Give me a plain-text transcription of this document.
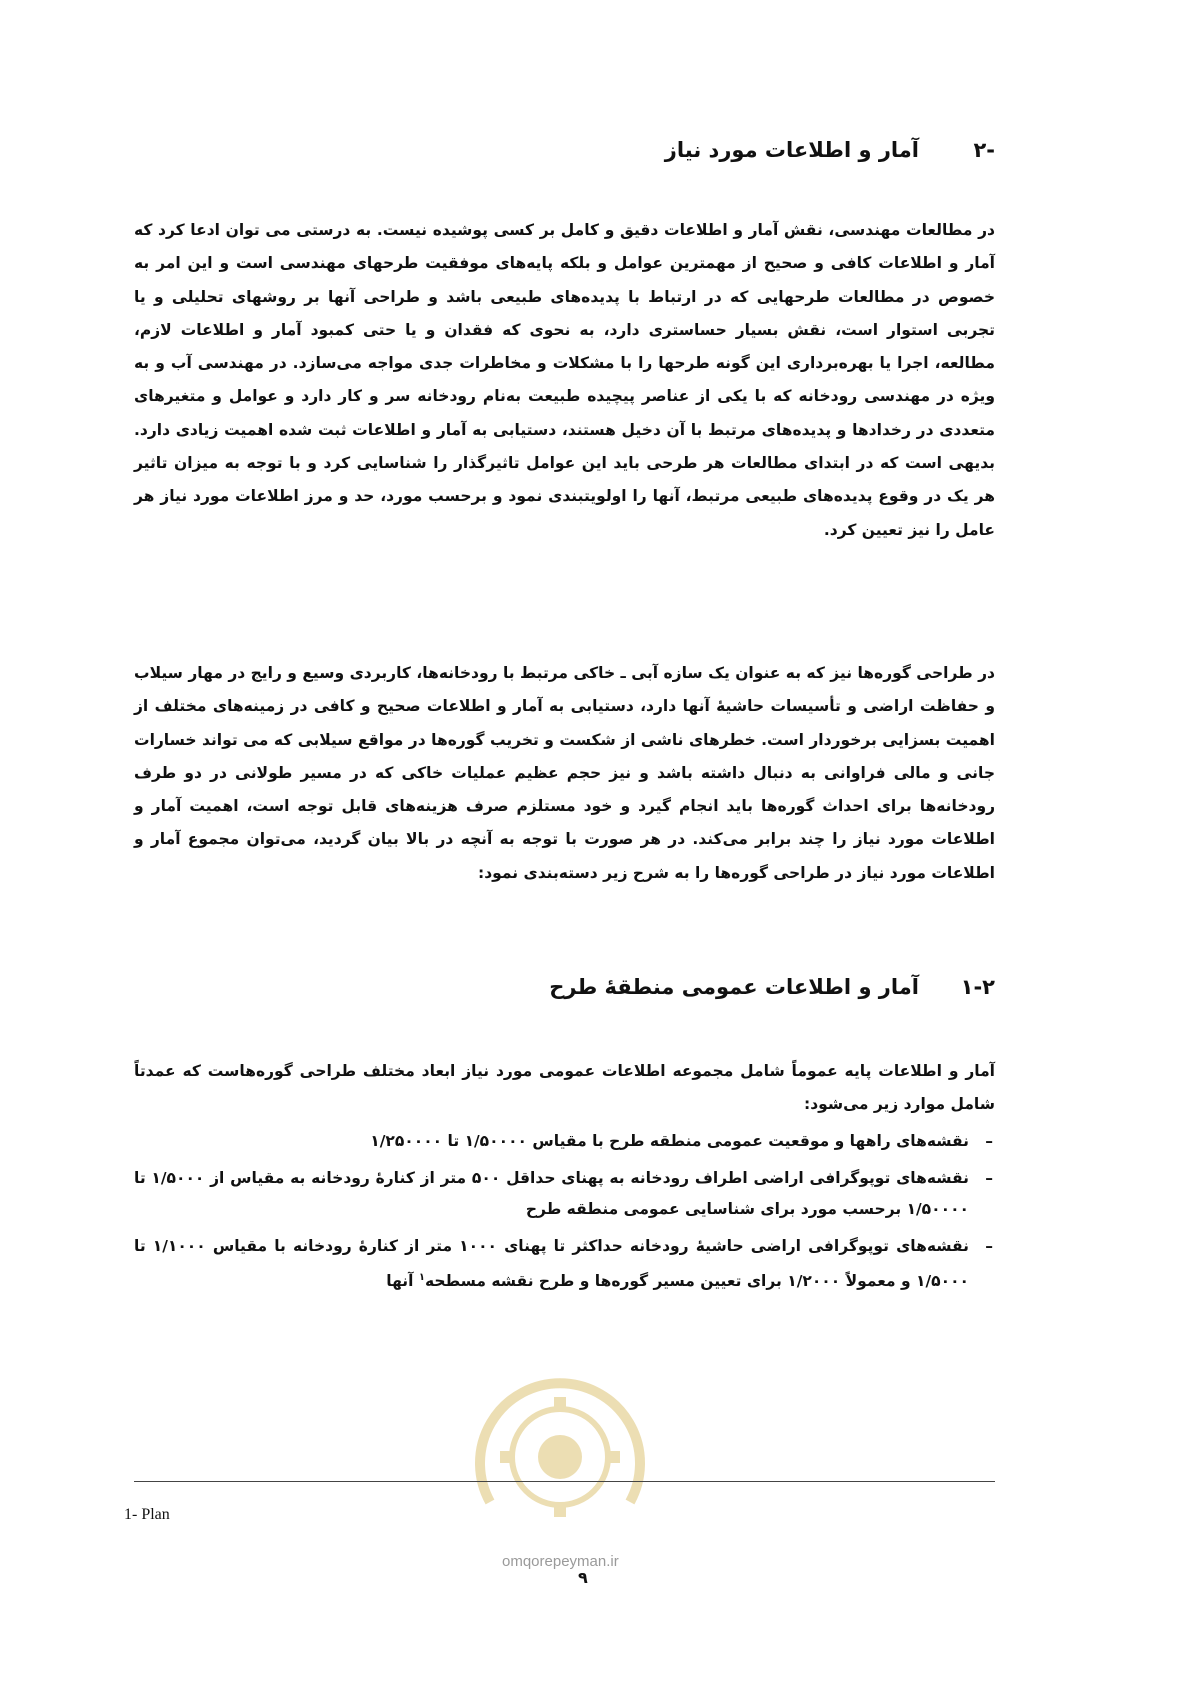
-۲
آمار و اطلاعات مورد نیاز

در مطالعات مهندسی، نقش آمار و اطلاعات دقیق و کامل بر کسی پوشیده نیست. به درستی می توان ادعا کرد که آمار و اطلاعات کافی و صحیح از مهمترین عوامل و بلکه پایه‌های موفقیت طرحهای مهندسی است و این امر به خصوص در مطالعات طرحهایی که در ارتباط با پدیده‌های طبیعی باشد و طراحی آنها بر روشهای تحلیلی و یا تجربی استوار است، نقش بسیار حساستری دارد، به نحوی که فقدان و یا حتی کمبود آمار و اطلاعات لازم، مطالعه، اجرا یا بهره‌برداری این گونه طرحها را با مشکلات و مخاطرات جدی مواجه می‌سازد. در مهندسی آب و به ویژه در مهندسی رودخانه که با یکی از عناصر پیچیده طبیعت به‌نام رودخانه سر و کار دارد و عوامل و متغیرهای متعددی در رخدادها و پدیده‌های مرتبط با آن دخیل هستند، دستیابی به آمار و اطلاعات ثبت شده اهمیت زیادی دارد. بدیهی است که در ابتدای مطالعات هر طرحی باید این عوامل تاثیرگذار را شناسایی کرد و با توجه به میزان تاثیر هر یک در وقوع پدیده‌های طبیعی مرتبط، آنها را اولویتبندی نمود و برحسب مورد، حد و مرز اطلاعات مورد نیاز هر عامل را نیز تعیین کرد.

در طراحی گوره‌ها نیز که به عنوان یک سازه آبی ـ خاکی مرتبط با رودخانه‌ها، کاربردی وسیع و رایج در مهار سیلاب و حفاظت اراضی و تأسیسات حاشیهٔ آنها دارد، دستیابی به آمار و اطلاعات صحیح و کافی در زمینه‌های مختلف از اهمیت بسزایی برخوردار است. خطرهای ناشی از شکست و تخریب گوره‌ها در مواقع سیلابی که می تواند خسارات جانی و مالی فراوانی به دنبال داشته باشد و نیز حجم عظیم عملیات خاکی که در مسیر طولانی در دو طرف رودخانه‌ها برای احداث گوره‌ها باید انجام گیرد و خود مستلزم صرف هزینه‌های قابل توجه است، اهمیت آمار و اطلاعات مورد نیاز را چند برابر می‌کند. در هر صورت با توجه به آنچه در بالا بیان گردید، می‌توان مجموع آمار و اطلاعات مورد نیاز در طراحی گوره‌ها را به شرح زیر دسته‌بندی نمود:

۱-۲
آمار و اطلاعات عمومی منطقهٔ طرح

آمار و اطلاعات پایه عموماً شامل مجموعه اطلاعات عمومی مورد نیاز ابعاد مختلف طراحی گوره‌هاست که عمدتاً شامل موارد زیر می‌شود:

–
نقشه‌های راهها و موقعیت عمومی منطقه طرح با مقیاس ۱/۵۰۰۰۰ تا ۱/۲۵۰۰۰۰
–
نقشه‌های توپوگرافی اراضی اطراف رودخانه به پهنای حداقل ۵۰۰ متر از کنارهٔ رودخانه به مقیاس از ۱/۵۰۰۰ تا ۱/۵۰۰۰۰ برحسب مورد برای شناسایی عمومی منطقه طرح
–
نقشه‌های توپوگرافی اراضی حاشیهٔ رودخانه حداکثر تا پهنای ۱۰۰۰ متر از کنارهٔ رودخانه با مقیاس ۱/۱۰۰۰ تا ۱/۵۰۰۰ و معمولاً ۱/۲۰۰۰ برای تعیین مسیر گوره‌ها و طرح نقشه مسطحه$^۱$ آنها
omqorepeyman.ir
1- Plan
۹
